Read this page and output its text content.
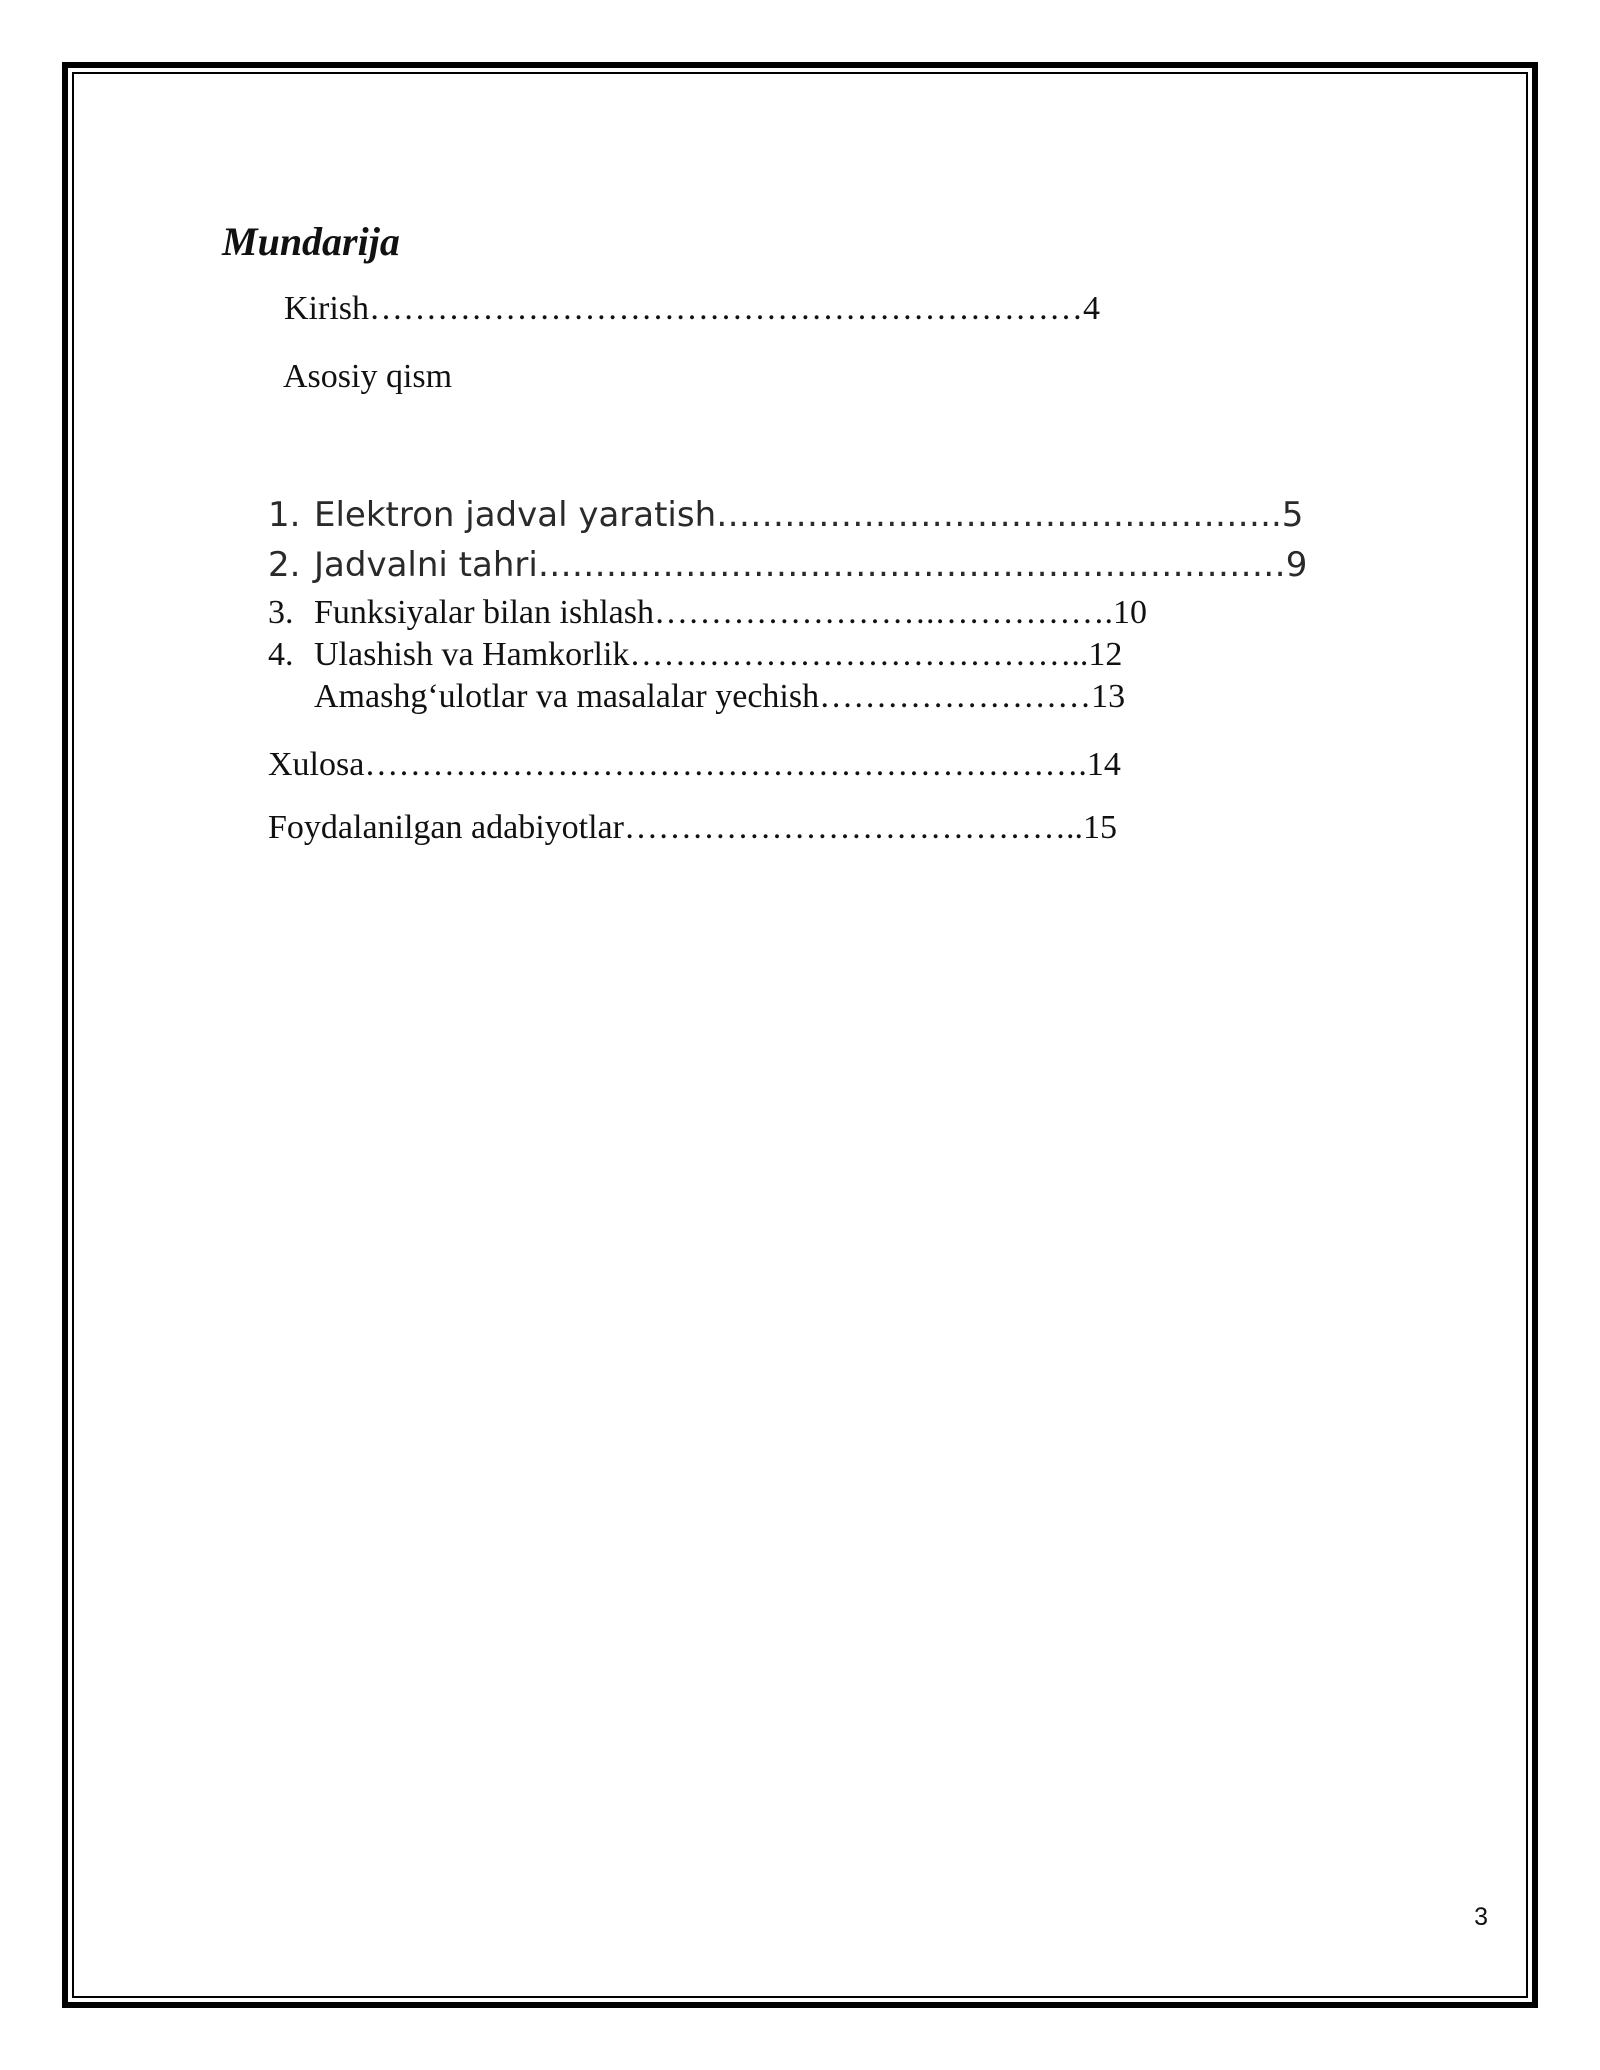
Mundarija
Kirish………………………………………………………4
Asosiy qism
1. Elektron jadval yaratish…………………………………………..5
2. Jadvalni tahri…………………………………………………………9
3. Funksiyalar bilan ishlash…………………….…………….10
4. Ulashish va Hamkorlik…………………………………..12
Amashg‘ulotlar va masalalar yechish……………………13
Xulosa……………………………………………………….14
Foydalanilgan adabiyotlar…………………………………..15
3
